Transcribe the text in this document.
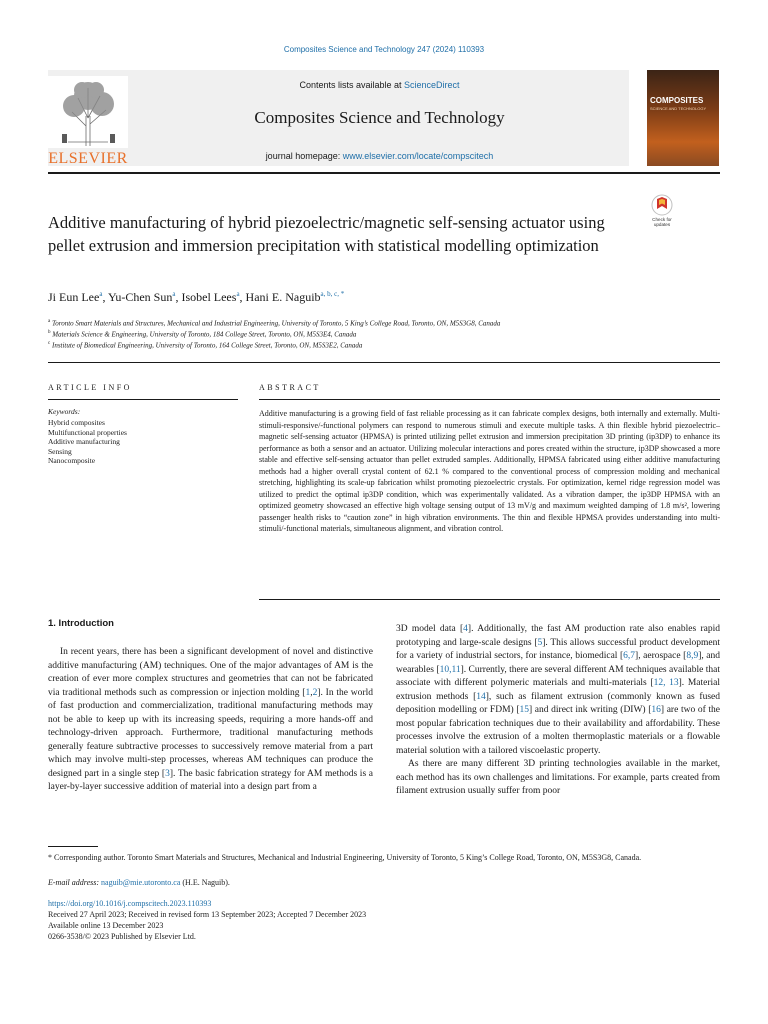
Composites Science and Technology 247 (2024) 110393
ELSEVIER
Contents lists available at ScienceDirect
Composites Science and Technology
journal homepage: www.elsevier.com/locate/compscitech
COMPOSITES
SCIENCE AND TECHNOLOGY
Additive manufacturing of hybrid piezoelectric/magnetic self-sensing actuator using pellet extrusion and immersion precipitation with statistical modelling optimization
Check for
updates
Ji Eun Lee$^a$, Yu-Chen Sun$^a$, Isobel Lees$^a$, Hani E. Naguib$^{a, b, c, *}$
$^a$ Toronto Smart Materials and Structures, Mechanical and Industrial Engineering, University of Toronto, 5 King’s College Road, Toronto, ON, M5S3G8, Canada
$^b$ Materials Science & Engineering, University of Toronto, 184 College Street, Toronto, ON, M5S3E4, Canada
$^c$ Institute of Biomedical Engineering, University of Toronto, 164 College Street, Toronto, ON, M5S3E2, Canada
ARTICLE INFO
Keywords:
Hybrid composites
Multifunctional properties
Additive manufacturing
Sensing
Nanocomposite
ABSTRACT
Additive manufacturing is a growing field of fast reliable processing as it can fabricate complex designs, both internally and externally. Multi-stimuli-responsive/-functional polymers can respond to numerous stimuli and execute multiple tasks. A thin flexible hybrid piezoelectric–magnetic self-sensing actuator (HPMSA) is printed utilizing pellet extrusion and immersion precipitation 3D printing (ip3DP) to enhance its performance as both a sensor and an actuator. Utilizing molecular interactions and pores created within the structure, ip3DP showcased a more stable and effective self-sensing actuator than pellet extruded samples. Additionally, HPMSA fabricated using either additive manufacturing methods had a higher overall crystal content of 62.1 % compared to the conventional process of compression molding and mechanical stretching, highlighting its scale-up fabrication whilst promoting piezoelectric crystals. For optimization, kernel ridge regression model was utilized to predict the optimal ip3DP condition, which was experimentally validated. As a vibration damper, the ip3DP HPMSA with an optimized geometry showcased an effective high voltage sensing output of 13 mV/g and maximum weighted damping of 1.8 m/s², lowering passenger health risks to “caution zone” in high vibration environments. The thin and flexible HPMSA provides understanding into multi-stimuli/-functional materials, simultaneous alignment, and vibration control.
1. Introduction

In recent years, there has been a significant development of novel and distinctive additive manufacturing (AM) techniques. One of the major advantages of AM is the creation of ever more complex structures and geometries that can not be fabricated via traditional methods such as compression or injection molding [1,2]. In the world of fast production and commercialization, traditional manufacturing methods may not be able to keep up with its increasing speeds, requiring a more hands-off and technology-driven approach. Furthermore, traditional manufacturing methods generally feature subtractive processes to successively remove material from a part which may involve multi-step processes, whereas AM techniques can produce the designed part in a single step [3]. The basic fabrication strategy for AM methods is a layer-by-layer successive addition of material into a design part from a

3D model data [4]. Additionally, the fast AM production rate also enables rapid prototyping and large-scale designs [5]. This allows successful product development for a variety of industrial sectors, for instance, biomedical [6,7], aerospace [8,9], and wearables [10,11]. Currently, there are several different AM techniques available that associate with different polymeric materials and multi-materials [12, 13]. Material extrusion methods [14], such as filament extrusion (commonly known as fused deposition modelling or FDM) [15] and direct ink writing (DIW) [16] are two of the most popular fabrication techniques due to their availability and affordability. These processes involve the extrusion of a molten thermoplastic materials or a flowable material solution with a tailored viscoelastic property.

As there are many different 3D printing technologies available in the market, each method has its own challenges and limitations. For example, parts created from filament extrusion usually suffer from poor

* Corresponding author. Toronto Smart Materials and Structures, Mechanical and Industrial Engineering, University of Toronto, 5 King’s College Road, Toronto, ON, M5S3G8, Canada.
E-mail address: naguib@mie.utoronto.ca (H.E. Naguib).
https://doi.org/10.1016/j.compscitech.2023.110393
Received 27 April 2023; Received in revised form 13 September 2023; Accepted 7 December 2023
Available online 13 December 2023
0266-3538/© 2023 Published by Elsevier Ltd.
